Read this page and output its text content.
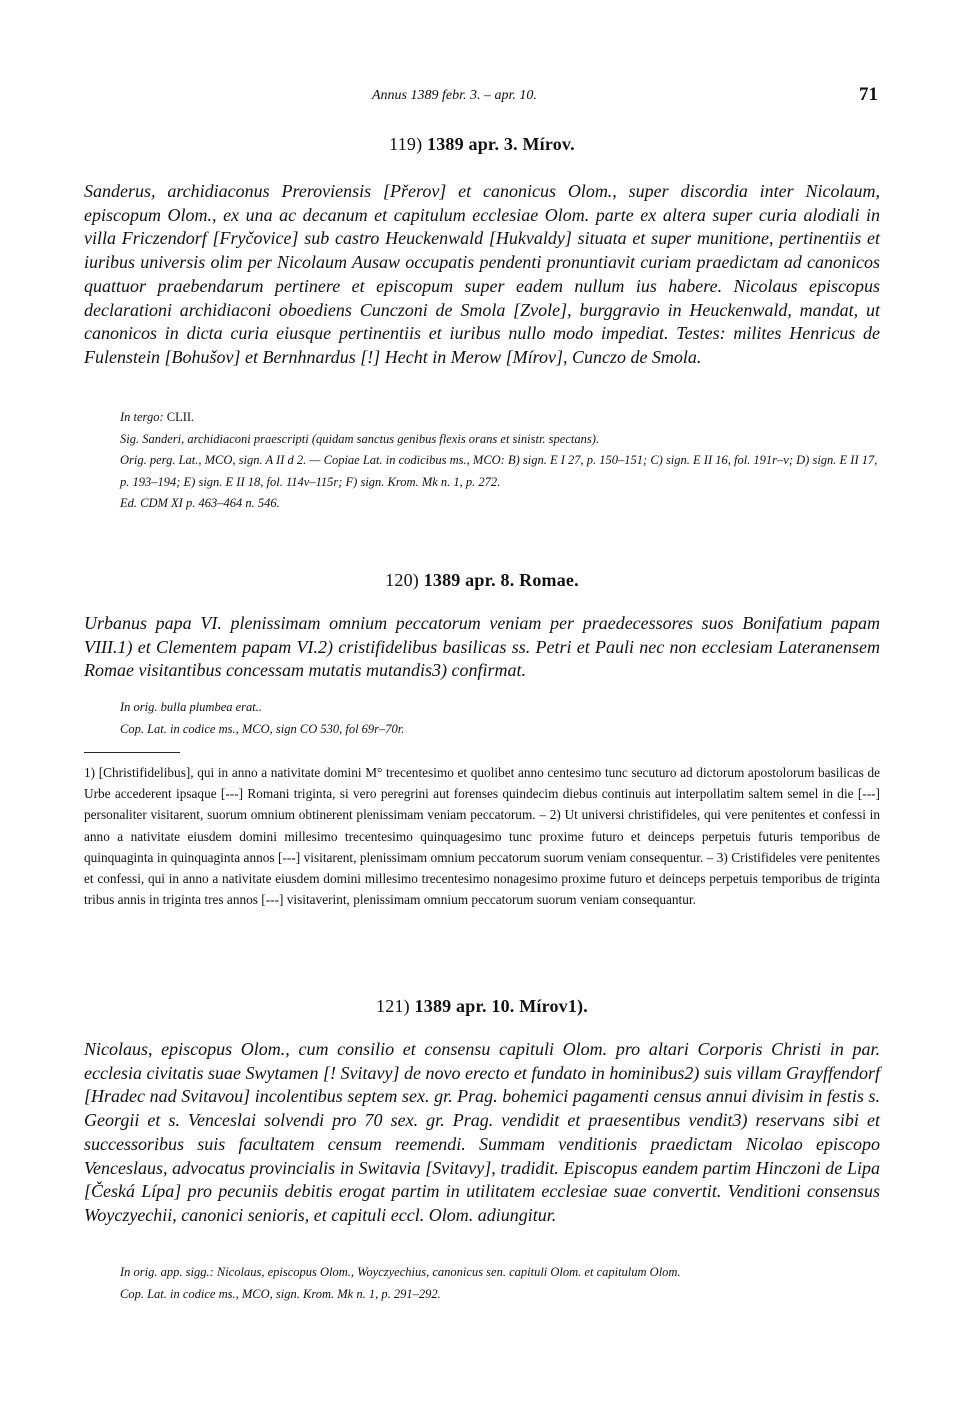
Annus 1389 febr. 3. – apr. 10.	71
119) 1389 apr. 3. Mírov.

Sanderus, archidiaconus Preroviensis [Přerov] et canonicus Olom., super discordia inter Nicolaum, episcopum Olom., ex una ac decanum et capitulum ecclesiae Olom. parte ex altera super curia alodiali in villa Friczendorf [Fryčovice] sub castro Heuckenwald [Hukvaldy] situata et super munitione, pertinentiis et iuribus universis olim per Nicolaum Ausaw occupatis pendenti pronuntiavit curiam praedictam ad canonicos quattuor praebendarum pertinere et episcopum super eadem nullum ius habere. Nicolaus episcopus declarationi archidiaconi oboediens Cunczoni de Smola [Zvole], burggravio in Heuckenwald, mandat, ut canonicos in dicta curia eiusque pertinentiis et iuribus nullo modo impediat. Testes: milites Henricus de Fulenstein [Bohušov] et Bernhnardus [!] Hecht in Merow [Mírov], Cunczo de Smola.

In tergo: CLII.

Sig. Sanderi, archidiaconi praescripti (quidam sanctus genibus flexis orans et sinistr. spectans).

Orig. perg. Lat., MCO, sign. A II d 2. — Copiae Lat. in codicibus ms., MCO: B) sign. E I 27, p. 150–151; C) sign. E II 16, fol. 191r–v; D) sign. E II 17, p. 193–194; E) sign. E II 18, fol. 114v–115r; F) sign. Krom. Mk n. 1, p. 272.

Ed. CDM XI p. 463–464 n. 546.

120) 1389 apr. 8. Romae.

Urbanus papa VI. plenissimam omnium peccatorum veniam per praedecessores suos Bonifatium papam VIII.1) et Clementem papam VI.2) cristifidelibus basilicas ss. Petri et Pauli nec non ecclesiam Lateranensem Romae visitantibus concessam mutatis mutandis3) confirmat.

In orig. bulla plumbea erat..

Cop. Lat. in codice ms., MCO, sign CO 530, fol 69r–70r.

1) [Christifidelibus], qui in anno a nativitate domini M° trecentesimo et quolibet anno centesimo tunc secuturo ad dictorum apostolorum basilicas de Urbe accederent ipsaque [---] Romani triginta, si vero peregrini aut forenses quindecim diebus continuis aut interpollatim saltem semel in die [---] personaliter visitarent, suorum omnium obtinerent plenissimam veniam peccatorum. – 2) Ut universi christifideles, qui vere penitentes et confessi in anno a nativitate eiusdem domini millesimo trecentesimo quinquagesimo tunc proxime futuro et deinceps perpetuis futuris temporibus de quinquaginta in quinquaginta annos [---] visitarent, plenissimam omnium peccatorum suorum veniam consequentur. – 3) Cristifideles vere penitentes et confessi, qui in anno a nativitate eiusdem domini millesimo trecentesimo nonagesimo proxime futuro et deinceps perpetuis temporibus de triginta tribus annis in triginta tres annos [---] visitaverint, plenissimam omnium peccatorum suorum veniam consequantur.

121) 1389 apr. 10. Mírov1).

Nicolaus, episcopus Olom., cum consilio et consensu capituli Olom. pro altari Corporis Christi in par. ecclesia civitatis suae Swytamen [! Svitavy] de novo erecto et fundato in hominibus2) suis villam Grayffendorf [Hradec nad Svitavou] incolentibus septem sex. gr. Prag. bohemici pagamenti census annui divisim in festis s. Georgii et s. Venceslai solvendi pro 70 sex. gr. Prag. vendidit et praesentibus vendit3) reservans sibi et successoribus suis facultatem censum reemendi. Summam venditionis praedictam Nicolao episcopo Venceslaus, advocatus provincialis in Switavia [Svitavy], tradidit. Episcopus eandem partim Hinczoni de Lipa [Česká Lípa] pro pecuniis debitis erogat partim in utilitatem ecclesiae suae convertit. Venditioni consensus Woyczyechii, canonici senioris, et capituli eccl. Olom. adiungitur.

In orig. app. sigg.: Nicolaus, episcopus Olom., Woyczyechius, canonicus sen. capituli Olom. et capitulum Olom.

Cop. Lat. in codice ms., MCO, sign. Krom. Mk n. 1, p. 291–292.
